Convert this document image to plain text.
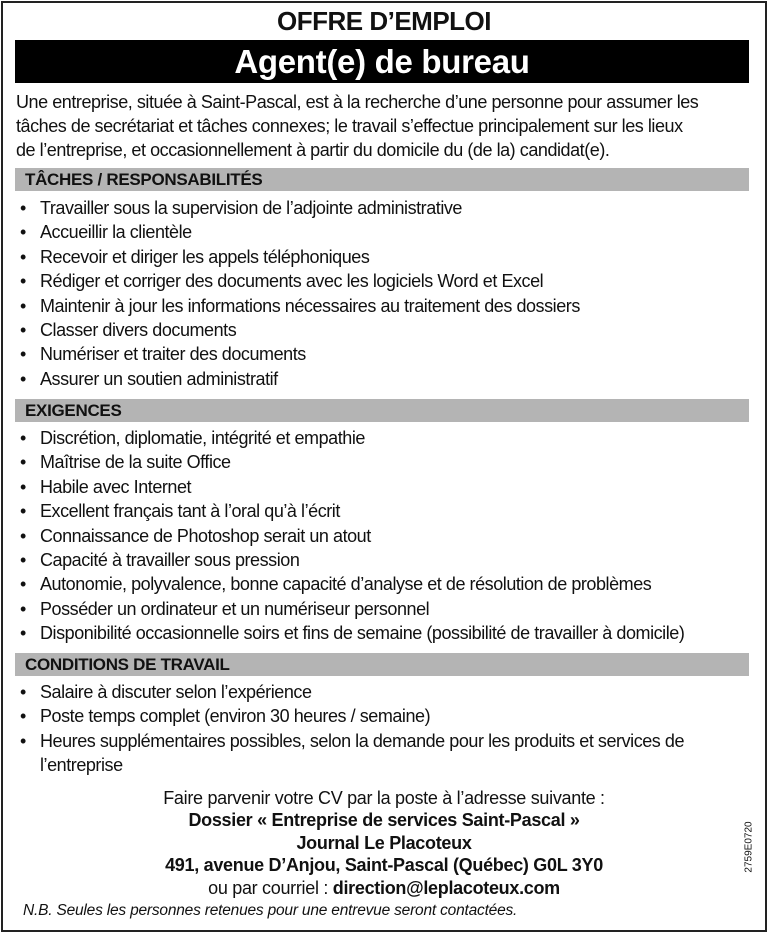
OFFRE D’EMPLOI
Agent(e) de bureau
Une entreprise, située à Saint-Pascal, est à la recherche d’une personne pour assumer les
tâches de secrétariat et tâches connexes; le travail s’effectue principalement sur les lieux
de l’entreprise, et occasionnellement à partir du domicile du (de la) candidat(e).
TÂCHES / RESPONSABILITÉS
• Travailler sous la supervision de l’adjointe administrative
• Accueillir la clientèle
• Recevoir et diriger les appels téléphoniques
• Rédiger et corriger des documents avec les logiciels Word et Excel
• Maintenir à jour les informations nécessaires au traitement des dossiers
• Classer divers documents
• Numériser et traiter des documents
• Assurer un soutien administratif
EXIGENCES
• Discrétion, diplomatie, intégrité et empathie
• Maîtrise de la suite Office
• Habile avec Internet
• Excellent français tant à l’oral qu’à l’écrit
• Connaissance de Photoshop serait un atout
• Capacité à travailler sous pression
• Autonomie, polyvalence, bonne capacité d’analyse et de résolution de problèmes
• Posséder un ordinateur et un numériseur personnel
• Disponibilité occasionnelle soirs et fins de semaine (possibilité de travailler à domicile)
CONDITIONS DE TRAVAIL
• Salaire à discuter selon l’expérience
• Poste temps complet (environ 30 heures / semaine)
• Heures supplémentaires possibles, selon la demande pour les produits et services de l’entreprise
Faire parvenir votre CV par la poste à l’adresse suivante :
Dossier « Entreprise de services Saint-Pascal »
Journal Le Placoteux
491, avenue D’Anjou, Saint-Pascal (Québec) G0L 3Y0
ou par courriel : direction@leplacoteux.com
N.B. Seules les personnes retenues pour une entrevue seront contactées.
2759E0720
